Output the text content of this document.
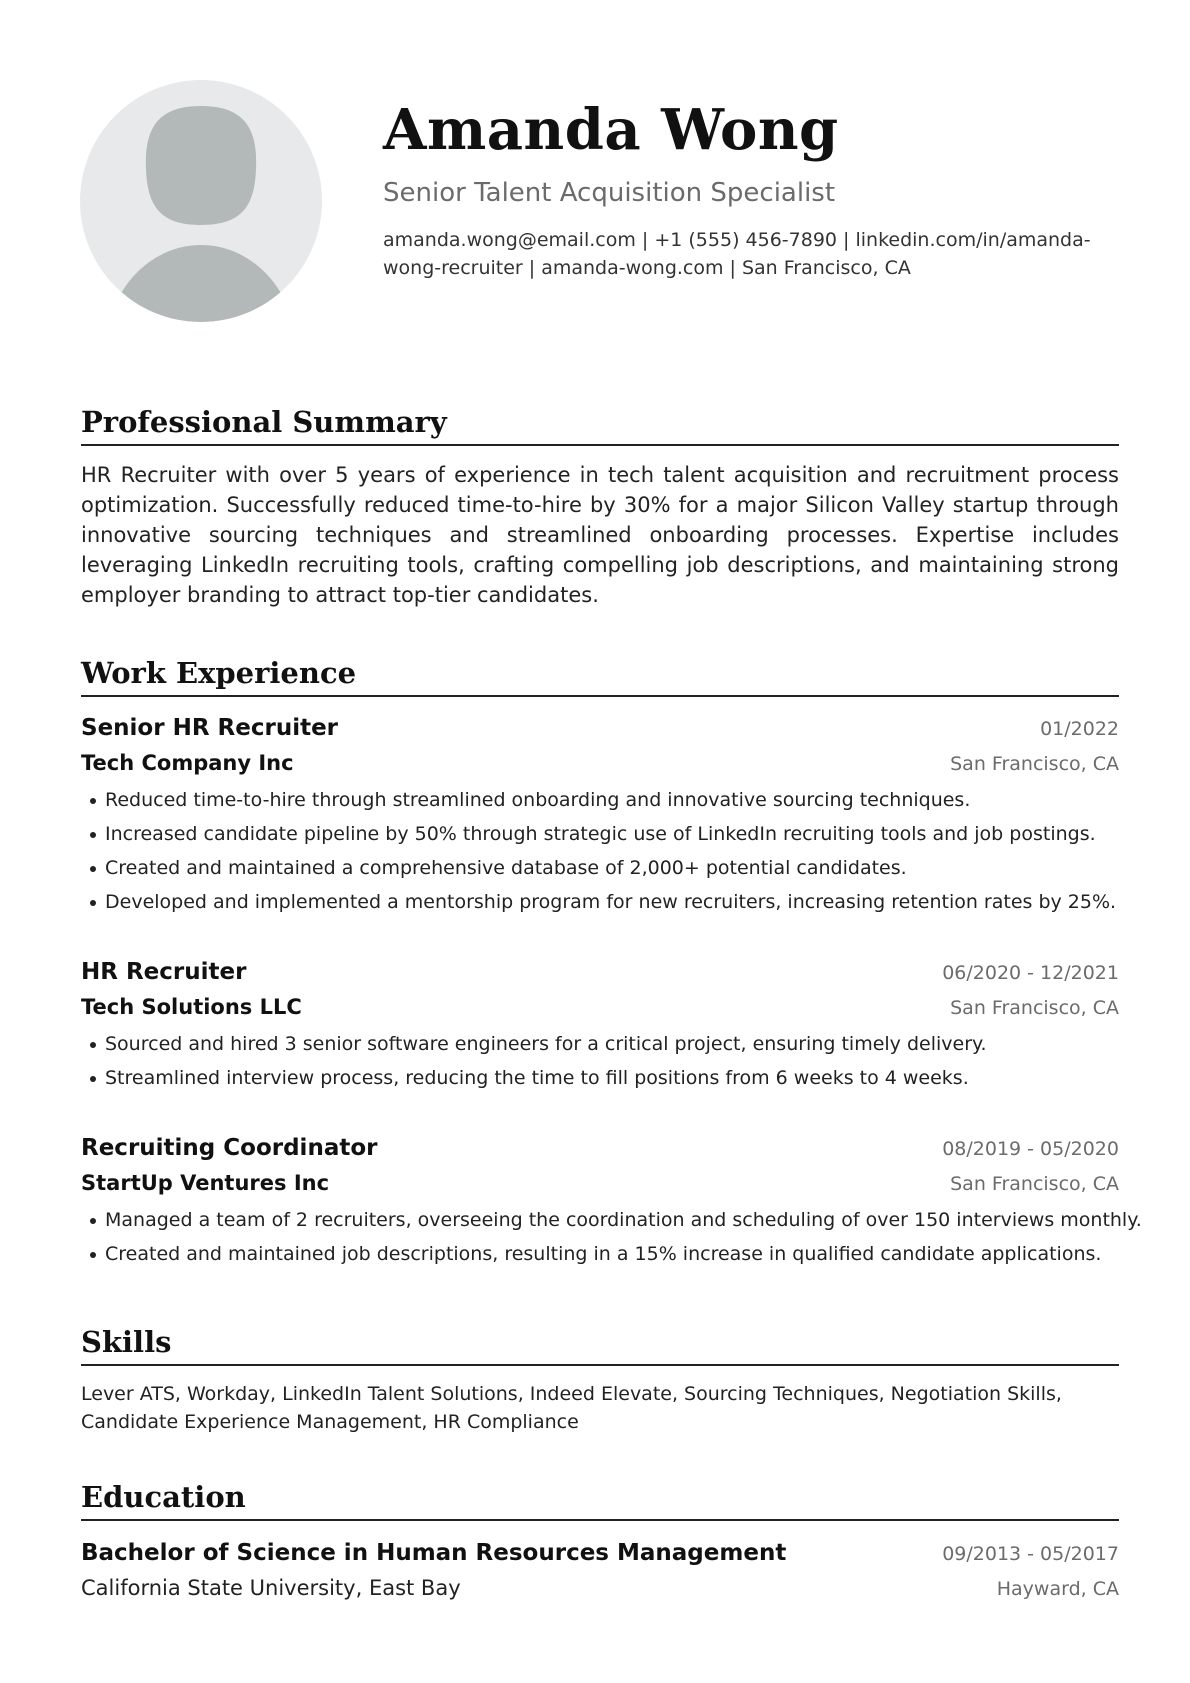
Amanda Wong
Senior Talent Acquisition Specialist
amanda.wong@email.com | +1 (555) 456-7890 | linkedin.com/in/amanda-wong-recruiter | amanda-wong.com | San Francisco, CA
Professional Summary
HR Recruiter with over 5 years of experience in tech talent acquisition and recruitment process optimization. Successfully reduced time-to-hire by 30% for a major Silicon Valley startup through innovative sourcing techniques and streamlined onboarding processes. Expertise includes leveraging LinkedIn recruiting tools, crafting compelling job descriptions, and maintaining strong employer branding to attract top-tier candidates.
Work Experience
Senior HR Recruiter	01/2022
Tech Company Inc	San Francisco, CA
Reduced time-to-hire through streamlined onboarding and innovative sourcing techniques.
Increased candidate pipeline by 50% through strategic use of LinkedIn recruiting tools and job postings.
Created and maintained a comprehensive database of 2,000+ potential candidates.
Developed and implemented a mentorship program for new recruiters, increasing retention rates by 25%.
HR Recruiter	06/2020 - 12/2021
Tech Solutions LLC	San Francisco, CA
Sourced and hired 3 senior software engineers for a critical project, ensuring timely delivery.
Streamlined interview process, reducing the time to fill positions from 6 weeks to 4 weeks.
Recruiting Coordinator	08/2019 - 05/2020
StartUp Ventures Inc	San Francisco, CA
Managed a team of 2 recruiters, overseeing the coordination and scheduling of over 150 interviews monthly.
Created and maintained job descriptions, resulting in a 15% increase in qualified candidate applications.
Skills
Lever ATS, Workday, LinkedIn Talent Solutions, Indeed Elevate, Sourcing Techniques, Negotiation Skills, Candidate Experience Management, HR Compliance
Education
Bachelor of Science in Human Resources Management	09/2013 - 05/2017
California State University, East Bay	Hayward, CA
